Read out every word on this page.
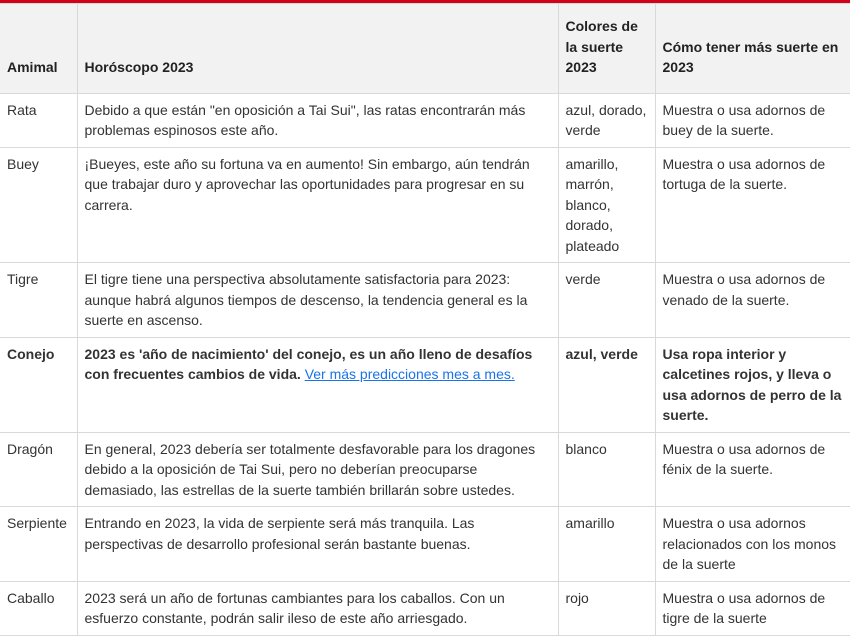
Amimal	Horóscopo 2023	Colores de la suerte 2023	Cómo tener más suerte en 2023
Rata	Debido a que están "en oposición a Tai Sui", las ratas encontrarán más problemas espinosos este año.	azul, dorado, verde	Muestra o usa adornos de buey de la suerte.
Buey	¡Bueyes, este año su fortuna va en aumento! Sin embargo, aún tendrán que trabajar duro y aprovechar las oportunidades para progresar en su carrera.	amarillo, marrón, blanco, dorado, plateado	Muestra o usa adornos de tortuga de la suerte.
Tigre	El tigre tiene una perspectiva absolutamente satisfactoria para 2023: aunque habrá algunos tiempos de descenso, la tendencia general es la suerte en ascenso.	verde	Muestra o usa adornos de venado de la suerte.
Conejo	2023 es 'año de nacimiento' del conejo, es un año lleno de desafíos con frecuentes cambios de vida. Ver más predicciones mes a mes.	azul, verde	Usa ropa interior y calcetines rojos, y lleva o usa adornos de perro de la suerte.
Dragón	En general, 2023 debería ser totalmente desfavorable para los dragones debido a la oposición de Tai Sui, pero no deberían preocuparse demasiado, las estrellas de la suerte también brillarán sobre ustedes.	blanco	Muestra o usa adornos de fénix de la suerte.
Serpiente	Entrando en 2023, la vida de serpiente será más tranquila. Las perspectivas de desarrollo profesional serán bastante buenas.	amarillo	Muestra o usa adornos relacionados con los monos de la suerte
Caballo	2023 será un año de fortunas cambiantes para los caballos. Con un esfuerzo constante, podrán salir ileso de este año arriesgado.	rojo	Muestra o usa adornos de tigre de la suerte
